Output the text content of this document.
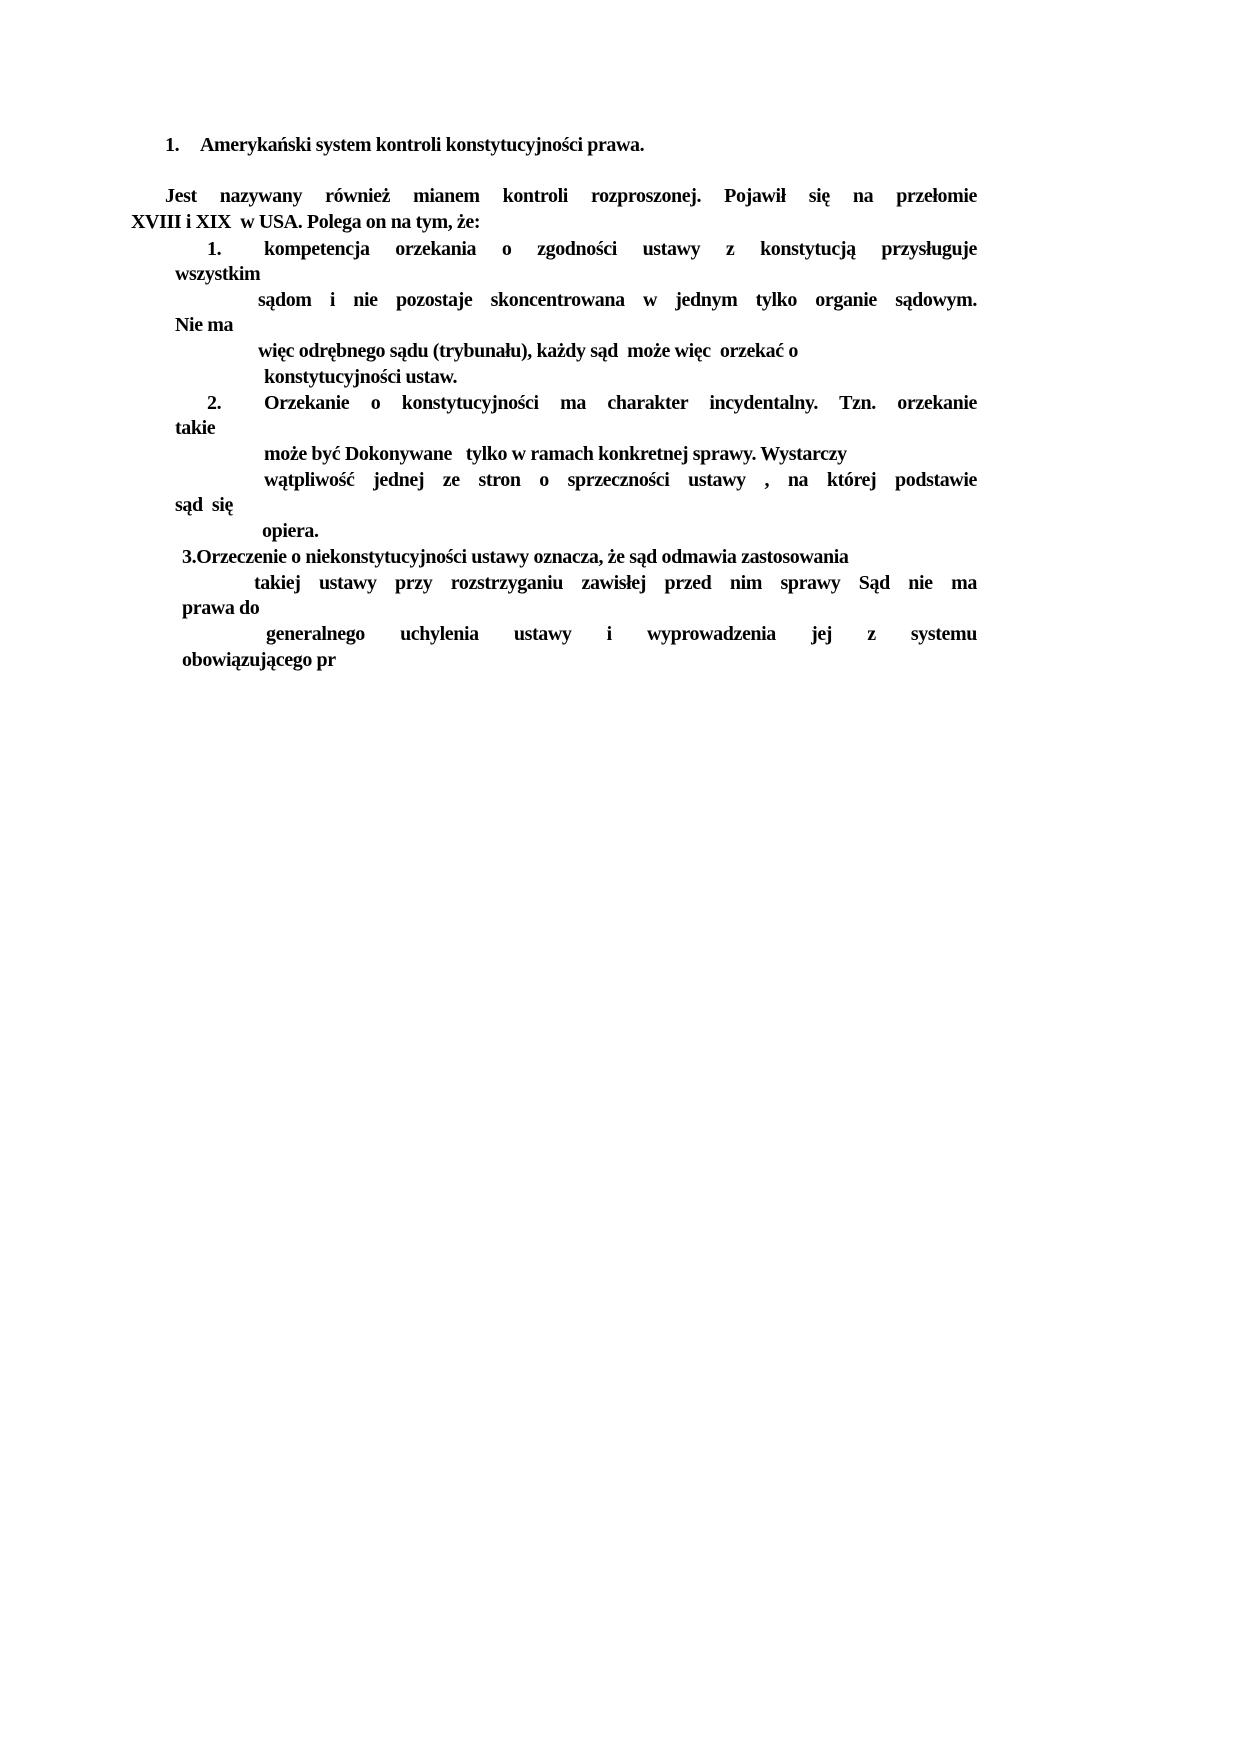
1. Amerykański system kontroli konstytucyjności prawa.
Jest nazywany również mianem kontroli rozproszonej. Pojawił się na przełomie
XVIII i XIX  w USA. Polega on na tym, że:
1. kompetencja orzekania o zgodności ustawy z konstytucją przysługuje
wszystkim
sądom i nie pozostaje skoncentrowana w jednym tylko organie sądowym.
Nie ma
więc odrębnego sądu (trybunału), każdy sąd  może więc  orzekać o
konstytucyjności ustaw.
2. Orzekanie o konstytucyjności ma charakter incydentalny. Tzn. orzekanie
takie
może być Dokonywane   tylko w ramach konkretnej sprawy. Wystarczy
wątpliwość jednej ze stron o sprzeczności ustawy , na której podstawie
sąd  się
opiera.
3.Orzeczenie o niekonstytucyjności ustawy oznacza, że sąd odmawia zastosowania
takiej ustawy przy rozstrzyganiu zawisłej przed nim sprawy Sąd nie ma
prawa do
generalnego uchylenia ustawy i wyprowadzenia jej z systemu
obowiązującego pr
